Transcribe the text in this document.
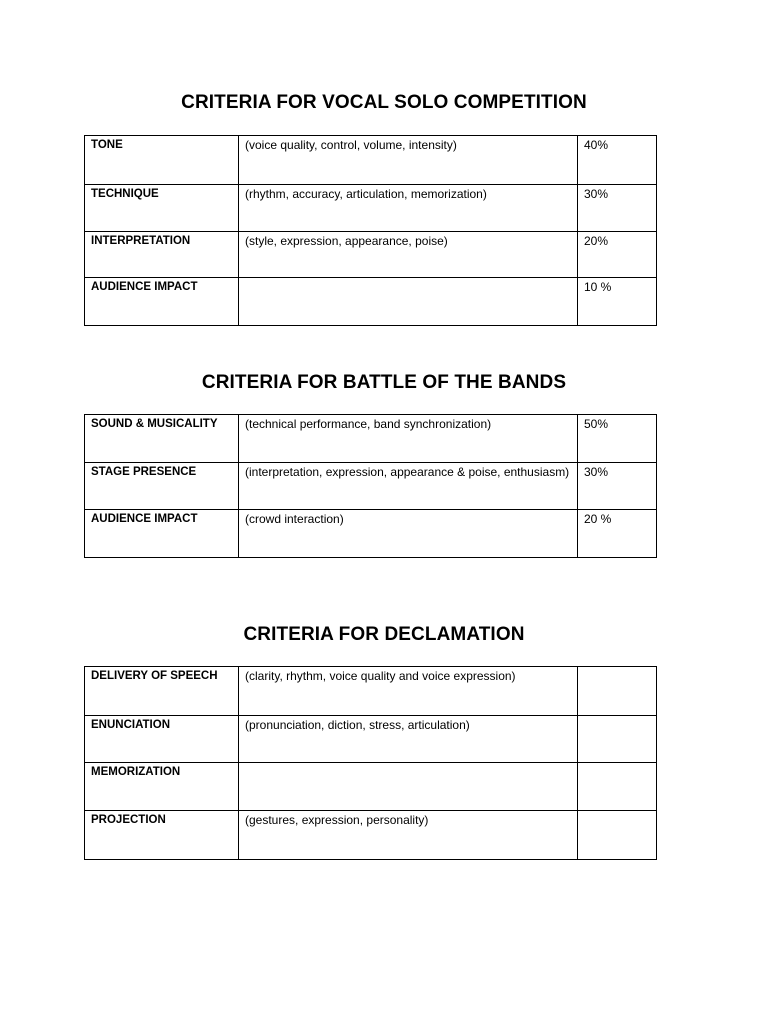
CRITERIA FOR VOCAL SOLO COMPETITION
TONE	(voice quality, control, volume, intensity)	40%

TECHNIQUE	(rhythm, accuracy, articulation, memorization)	30%

INTERPRETATION	(style, expression, appearance, poise)	20%

AUDIENCE IMPACT		10 %
CRITERIA FOR BATTLE OF THE BANDS
SOUND & MUSICALITY	(technical performance, band synchronization)	50%

STAGE PRESENCE	(interpretation, expression, appearance & poise, enthusiasm)	30%

AUDIENCE IMPACT	(crowd interaction)	20 %
CRITERIA FOR DECLAMATION
DELIVERY OF SPEECH	(clarity, rhythm, voice quality and voice expression)	

ENUNCIATION	(pronunciation, diction, stress, articulation)	

MEMORIZATION		

PROJECTION	(gestures, expression, personality)	
